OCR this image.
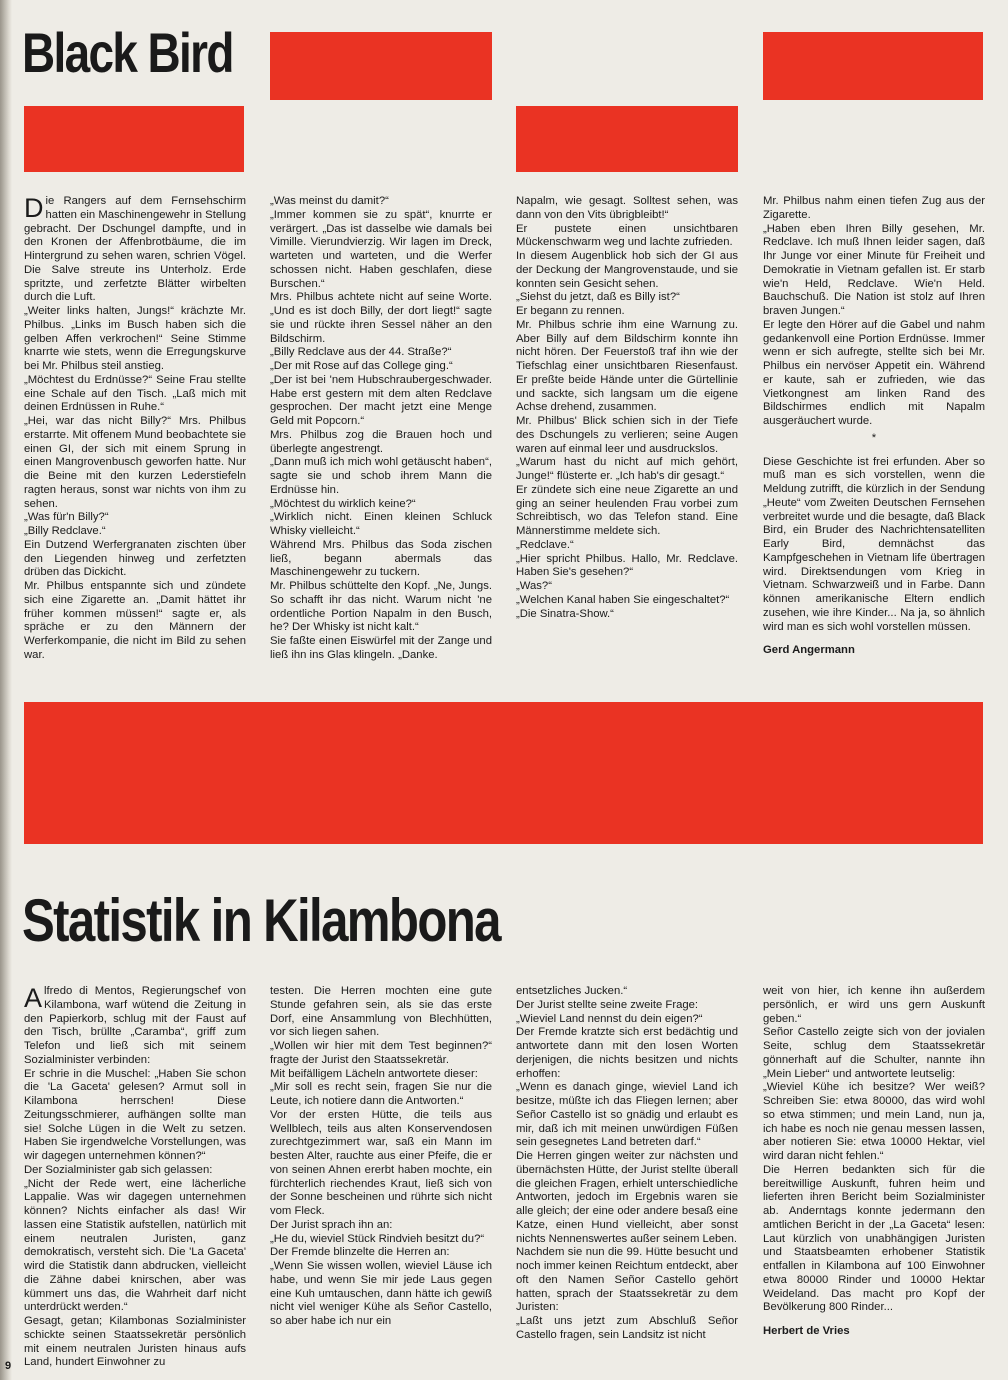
Black Bird
D ie Rangers auf dem Fernsehschirm hatten ein Maschinengewehr in Stellung gebracht. Der Dschungel dampfte, und in den Kronen der Affenbrotbäume, die im Hintergrund zu sehen waren, schrien Vögel. Die Salve streute ins Unterholz. Erde spritzte, und zerfetzte Blätter wirbelten durch die Luft.

„Weiter links halten, Jungs!“ krächzte Mr. Philbus. „Links im Busch haben sich die gelben Affen verkrochen!“ Seine Stimme knarrte wie stets, wenn die Erregungskurve bei Mr. Philbus steil anstieg.

„Möchtest du Erdnüsse?“ Seine Frau stellte eine Schale auf den Tisch. „Laß mich mit deinen Erdnüssen in Ruhe.“

„Hei, war das nicht Billy?“ Mrs. Philbus erstarrte. Mit offenem Mund beobachtete sie einen GI, der sich mit einem Sprung in einen Mangrovenbusch geworfen hatte. Nur die Beine mit den kurzen Lederstiefeln ragten heraus, sonst war nichts von ihm zu sehen.

„Was für'n Billy?“

„Billy Redclave.“

Ein Dutzend Werfergranaten zischten über den Liegenden hinweg und zerfetzten drüben das Dickicht.

Mr. Philbus entspannte sich und zündete sich eine Zigarette an. „Damit hättet ihr früher kommen müssen!“ sagte er, als spräche er zu den Männern der Werferkompanie, die nicht im Bild zu sehen war.

„Was meinst du damit?“

„Immer kommen sie zu spät“, knurrte er verärgert. „Das ist dasselbe wie damals bei Vimille. Vierundvierzig. Wir lagen im Dreck, warteten und warteten, und die Werfer schossen nicht. Haben geschlafen, diese Burschen.“

Mrs. Philbus achtete nicht auf seine Worte. „Und es ist doch Billy, der dort liegt!“ sagte sie und rückte ihren Sessel näher an den Bildschirm.

„Billy Redclave aus der 44. Straße?“

„Der mit Rose auf das College ging.“

„Der ist bei 'nem Hubschraubergeschwader. Habe erst gestern mit dem alten Redclave gesprochen. Der macht jetzt eine Menge Geld mit Popcorn.“

Mrs. Philbus zog die Brauen hoch und überlegte angestrengt.

„Dann muß ich mich wohl getäuscht haben“, sagte sie und schob ihrem Mann die Erdnüsse hin.

„Möchtest du wirklich keine?“

„Wirklich nicht. Einen kleinen Schluck Whisky vielleicht.“

Während Mrs. Philbus das Soda zischen ließ, begann abermals das Maschinengewehr zu tuckern.

Mr. Philbus schüttelte den Kopf. „Ne, Jungs. So schafft ihr das nicht. Warum nicht 'ne ordentliche Portion Napalm in den Busch, he? Der Whisky ist nicht kalt.“

Sie faßte einen Eiswürfel mit der Zange und ließ ihn ins Glas klingeln. „Danke.

Napalm, wie gesagt. Solltest sehen, was dann von den Vits übrigbleibt!“

Er pustete einen unsichtbaren Mückenschwarm weg und lachte zufrieden.

In diesem Augenblick hob sich der GI aus der Deckung der Mangrovenstaude, und sie konnten sein Gesicht sehen.

„Siehst du jetzt, daß es Billy ist?“

Er begann zu rennen.

Mr. Philbus schrie ihm eine Warnung zu. Aber Billy auf dem Bildschirm konnte ihn nicht hören. Der Feuerstoß traf ihn wie der Tiefschlag einer unsichtbaren Riesenfaust. Er preßte beide Hände unter die Gürtellinie und sackte, sich langsam um die eigene Achse drehend, zusammen.

Mr. Philbus' Blick schien sich in der Tiefe des Dschungels zu verlieren; seine Augen waren auf einmal leer und ausdruckslos.

„Warum hast du nicht auf mich gehört, Junge!“ flüsterte er. „Ich hab's dir gesagt.“

Er zündete sich eine neue Zigarette an und ging an seiner heulenden Frau vorbei zum Schreibtisch, wo das Telefon stand. Eine Männerstimme meldete sich.

„Redclave.“

„Hier spricht Philbus. Hallo, Mr. Redclave. Haben Sie's gesehen?“

„Was?“

„Welchen Kanal haben Sie eingeschaltet?“

„Die Sinatra-Show.“

Mr. Philbus nahm einen tiefen Zug aus der Zigarette.

„Haben eben Ihren Billy gesehen, Mr. Redclave. Ich muß Ihnen leider sagen, daß Ihr Junge vor einer Minute für Freiheit und Demokratie in Vietnam gefallen ist. Er starb wie'n Held, Redclave. Wie'n Held. Bauchschuß. Die Nation ist stolz auf Ihren braven Jungen.“

Er legte den Hörer auf die Gabel und nahm gedankenvoll eine Portion Erdnüsse. Immer wenn er sich aufregte, stellte sich bei Mr. Philbus ein nervöser Appetit ein. Während er kaute, sah er zufrieden, wie das Vietkongnest am linken Rand des Bildschirmes endlich mit Napalm ausgeräuchert wurde.

*

Diese Geschichte ist frei erfunden. Aber so muß man es sich vorstellen, wenn die Meldung zutrifft, die kürzlich in der Sendung „Heute“ vom Zweiten Deutschen Fernsehen verbreitet wurde und die besagte, daß Black Bird, ein Bruder des Nachrichtensatelliten Early Bird, demnächst das Kampfgeschehen in Vietnam life übertragen wird. Direktsendungen vom Krieg in Vietnam. Schwarzweiß und in Farbe. Dann können amerikanische Eltern endlich zusehen, wie ihre Kinder... Na ja, so ähnlich wird man es sich wohl vorstellen müssen.

Gerd Angermann

Statistik in Kilambona
A lfredo di Mentos, Regierungschef von Kilambona, warf wütend die Zeitung in den Papierkorb, schlug mit der Faust auf den Tisch, brüllte „Caramba“, griff zum Telefon und ließ sich mit seinem Sozialminister verbinden:

Er schrie in die Muschel: „Haben Sie schon die 'La Gaceta' gelesen? Armut soll in Kilambona herrschen! Diese Zeitungsschmierer, aufhängen sollte man sie! Solche Lügen in die Welt zu setzen. Haben Sie irgendwelche Vorstellungen, was wir dagegen unternehmen können?“

Der Sozialminister gab sich gelassen:

„Nicht der Rede wert, eine lächerliche Lappalie. Was wir dagegen unternehmen können? Nichts einfacher als das! Wir lassen eine Statistik aufstellen, natürlich mit einem neutralen Juristen, ganz demokratisch, versteht sich. Die 'La Gaceta' wird die Statistik dann abdrucken, vielleicht die Zähne dabei knirschen, aber was kümmert uns das, die Wahrheit darf nicht unterdrückt werden.“

Gesagt, getan; Kilambonas Sozialminister schickte seinen Staatssekretär persönlich mit einem neutralen Juristen hinaus aufs Land, hundert Einwohner zu

testen. Die Herren mochten eine gute Stunde gefahren sein, als sie das erste Dorf, eine Ansammlung von Blechhütten, vor sich liegen sahen.

„Wollen wir hier mit dem Test beginnen?“ fragte der Jurist den Staatssekretär.

Mit beifälligem Lächeln antwortete dieser:

„Mir soll es recht sein, fragen Sie nur die Leute, ich notiere dann die Antworten.“

Vor der ersten Hütte, die teils aus Wellblech, teils aus alten Konservendosen zurechtgezimmert war, saß ein Mann im besten Alter, rauchte aus einer Pfeife, die er von seinen Ahnen ererbt haben mochte, ein fürchterlich riechendes Kraut, ließ sich von der Sonne bescheinen und rührte sich nicht vom Fleck.

Der Jurist sprach ihn an:

„He du, wieviel Stück Rindvieh besitzt du?“

Der Fremde blinzelte die Herren an:

„Wenn Sie wissen wollen, wieviel Läuse ich habe, und wenn Sie mir jede Laus gegen eine Kuh umtauschen, dann hätte ich gewiß nicht viel weniger Kühe als Señor Castello, so aber habe ich nur ein

entsetzliches Jucken.“

Der Jurist stellte seine zweite Frage:

„Wieviel Land nennst du dein eigen?“

Der Fremde kratzte sich erst bedächtig und antwortete dann mit den losen Worten derjenigen, die nichts besitzen und nichts erhoffen:

„Wenn es danach ginge, wieviel Land ich besitze, müßte ich das Fliegen lernen; aber Señor Castello ist so gnädig und erlaubt es mir, daß ich mit meinen unwürdigen Füßen sein gesegnetes Land betreten darf.“

Die Herren gingen weiter zur nächsten und übernächsten Hütte, der Jurist stellte überall die gleichen Fragen, erhielt unterschiedliche Antworten, jedoch im Ergebnis waren sie alle gleich; der eine oder andere besaß eine Katze, einen Hund vielleicht, aber sonst nichts Nennenswertes außer seinem Leben.

Nachdem sie nun die 99. Hütte besucht und noch immer keinen Reichtum entdeckt, aber oft den Namen Señor Castello gehört hatten, sprach der Staatssekretär zu dem Juristen:

„Laßt uns jetzt zum Abschluß Señor Castello fragen, sein Landsitz ist nicht

weit von hier, ich kenne ihn außerdem persönlich, er wird uns gern Auskunft geben.“

Señor Castello zeigte sich von der jovialen Seite, schlug dem Staatssekretär gönnerhaft auf die Schulter, nannte ihn „Mein Lieber“ und antwortete leutselig:

„Wieviel Kühe ich besitze? Wer weiß? Schreiben Sie: etwa 80000, das wird wohl so etwa stimmen; und mein Land, nun ja, ich habe es noch nie genau messen lassen, aber notieren Sie: etwa 10000 Hektar, viel wird daran nicht fehlen.“

Die Herren bedankten sich für die bereitwillige Auskunft, fuhren heim und lieferten ihren Bericht beim Sozialminister ab. Anderntags konnte jedermann den amtlichen Bericht in der „La Gaceta“ lesen: Laut kürzlich von unabhängigen Juristen und Staatsbeamten erhobener Statistik entfallen in Kilambona auf 100 Einwohner etwa 80000 Rinder und 10000 Hektar Weideland. Das macht pro Kopf der Bevölkerung 800 Rinder...

Herbert de Vries

9
